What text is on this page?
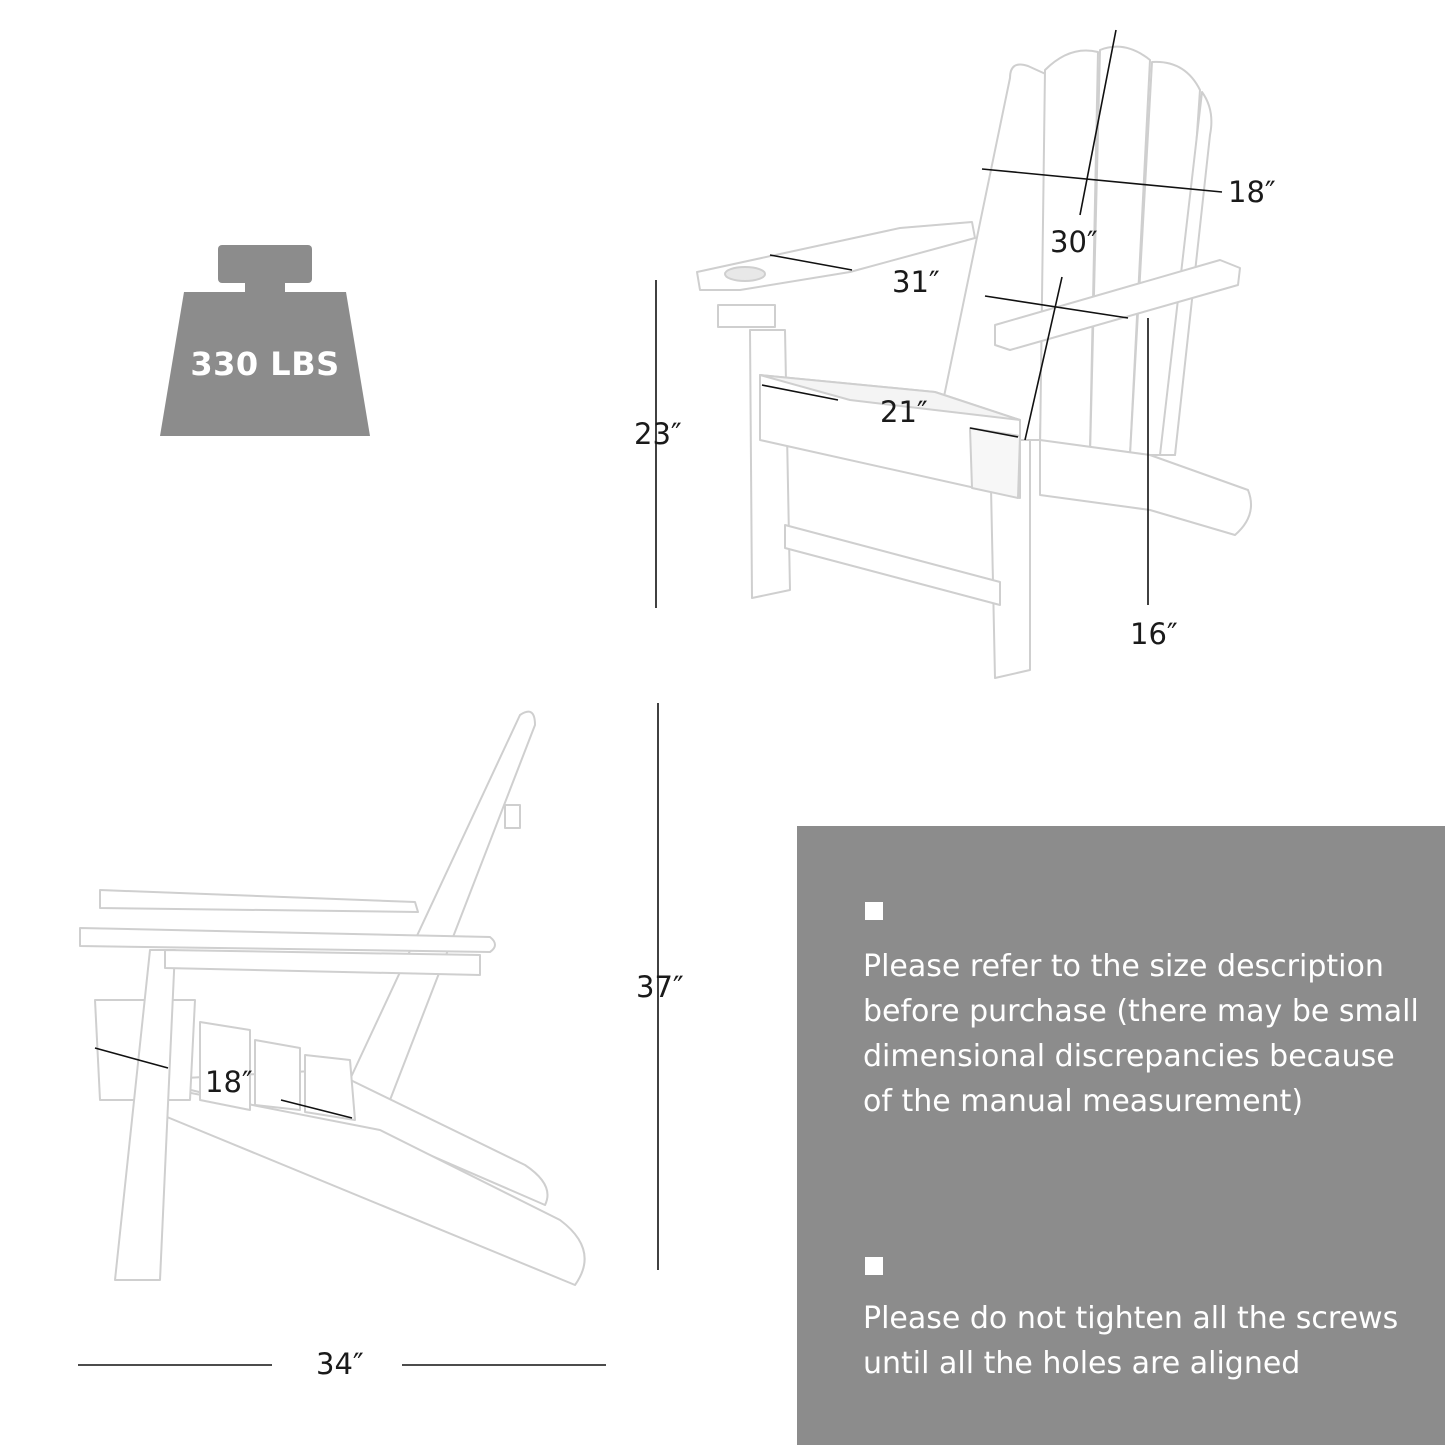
330 LBS
18″
30″
31″
21″
23″
16″
18″
37″
34″
Please refer to the size description before purchase (there may be small dimensional discrepancies because of the manual measurement)
Please do not tighten all the screws until all the holes are aligned
